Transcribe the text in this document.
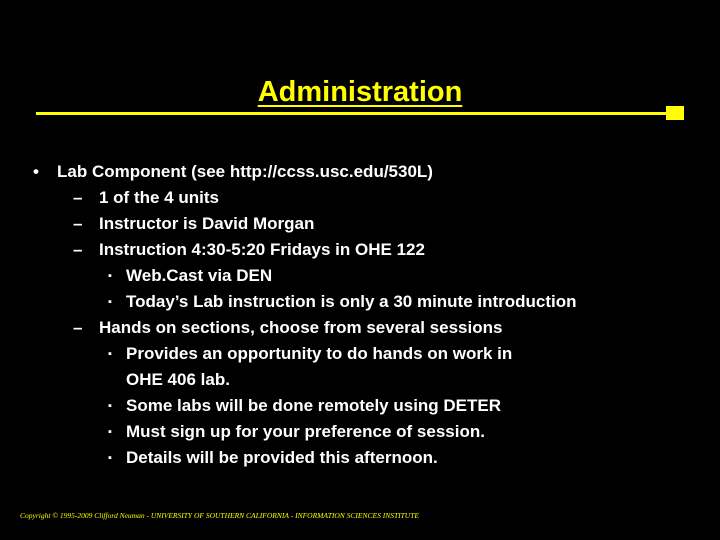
Administration
• Lab Component (see http://ccss.usc.edu/530L)
– 1 of the 4 units
– Instructor is David Morgan
– Instruction 4:30-5:20 Fridays in OHE 122
▪ Web.Cast via DEN
▪ Today’s Lab instruction is only a 30 minute introduction
– Hands on sections, choose from several sessions
▪ Provides an opportunity to do hands on work in
OHE 406 lab.
▪ Some labs will be done remotely using DETER
▪ Must sign up for your preference of session.
▪ Details will be provided this afternoon.
Copyright © 1995-2009 Clifford Neuman - UNIVERSITY OF SOUTHERN CALIFORNIA - INFORMATION SCIENCES INSTITUTE
